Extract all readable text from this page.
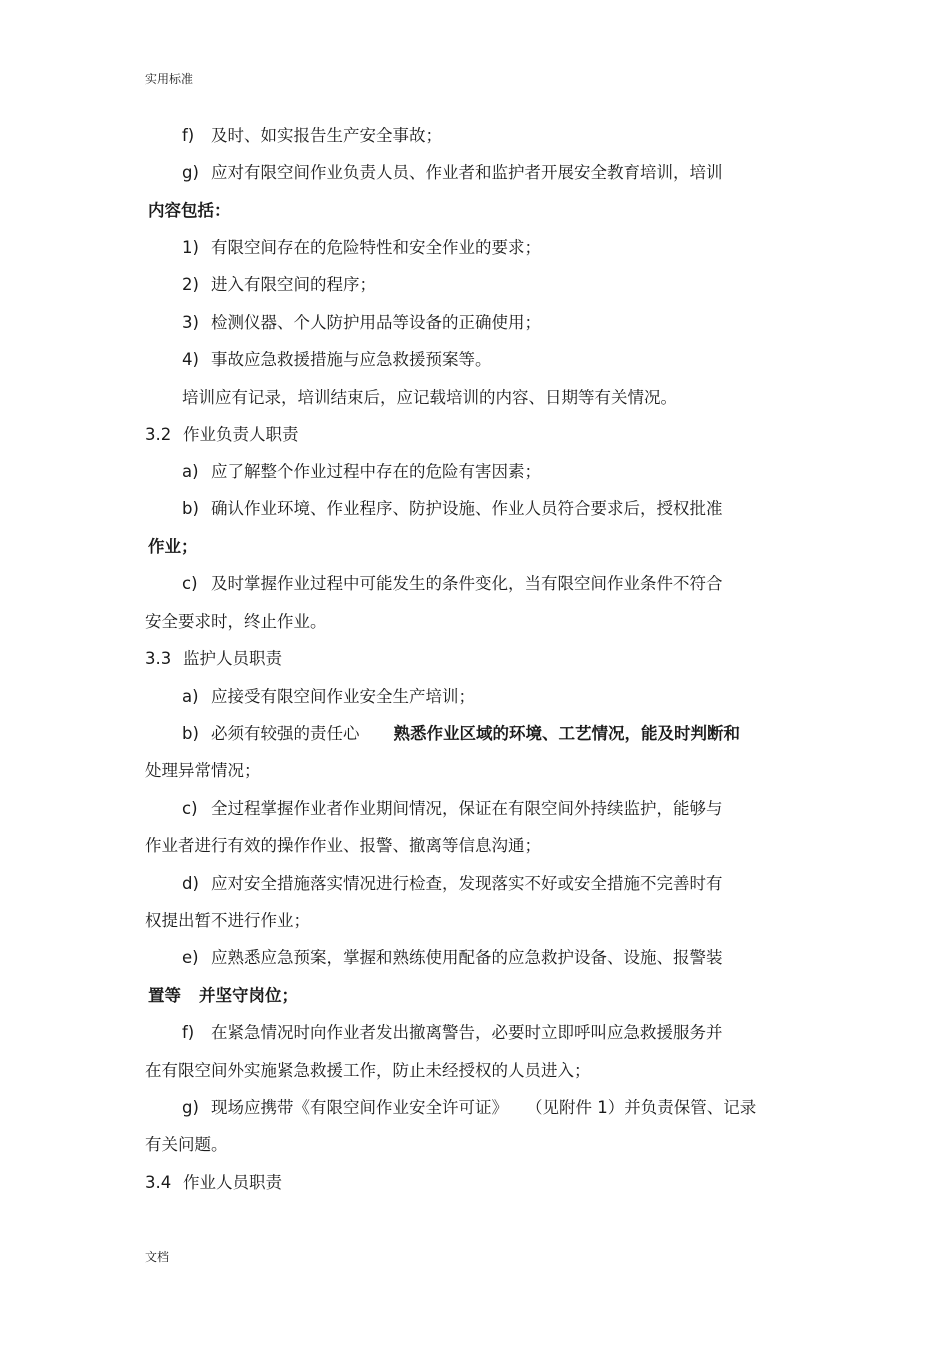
实用标准
f) 及时、如实报告生产安全事故；
g) 应对有限空间作业负责人员、作业者和监护者开展安全教育培训，培训
内容包括：
1) 有限空间存在的危险特性和安全作业的要求；
2) 进入有限空间的程序；
3) 检测仪器、个人防护用品等设备的正确使用；
4) 事故应急救援措施与应急救援预案等。
培训应有记录，培训结束后，应记载培训的内容、日期等有关情况。
3.2 作业负责人职责
a) 应了解整个作业过程中存在的危险有害因素；
b) 确认作业环境、作业程序、防护设施、作业人员符合要求后，授权批准
作业；
c) 及时掌握作业过程中可能发生的条件变化，当有限空间作业条件不符合
安全要求时，终止作业。
3.3 监护人员职责
a) 应接受有限空间作业安全生产培训；
b) 必须有较强的责任心 熟悉作业区域的环境、工艺情况，能及时判断和
处理异常情况；
c) 全过程掌握作业者作业期间情况，保证在有限空间外持续监护，能够与
作业者进行有效的操作作业、报警、撤离等信息沟通；
d) 应对安全措施落实情况进行检查，发现落实不好或安全措施不完善时有
权提出暂不进行作业；
e) 应熟悉应急预案，掌握和熟练使用配备的应急救护设备、设施、报警装
置等 并坚守岗位；
f) 在紧急情况时向作业者发出撤离警告，必要时立即呼叫应急救援服务并
在有限空间外实施紧急救援工作，防止未经授权的人员进入；
g) 现场应携带《有限空间作业安全许可证》 （见附件 1）并负责保管、记录
有关问题。
3.4 作业人员职责
文档
